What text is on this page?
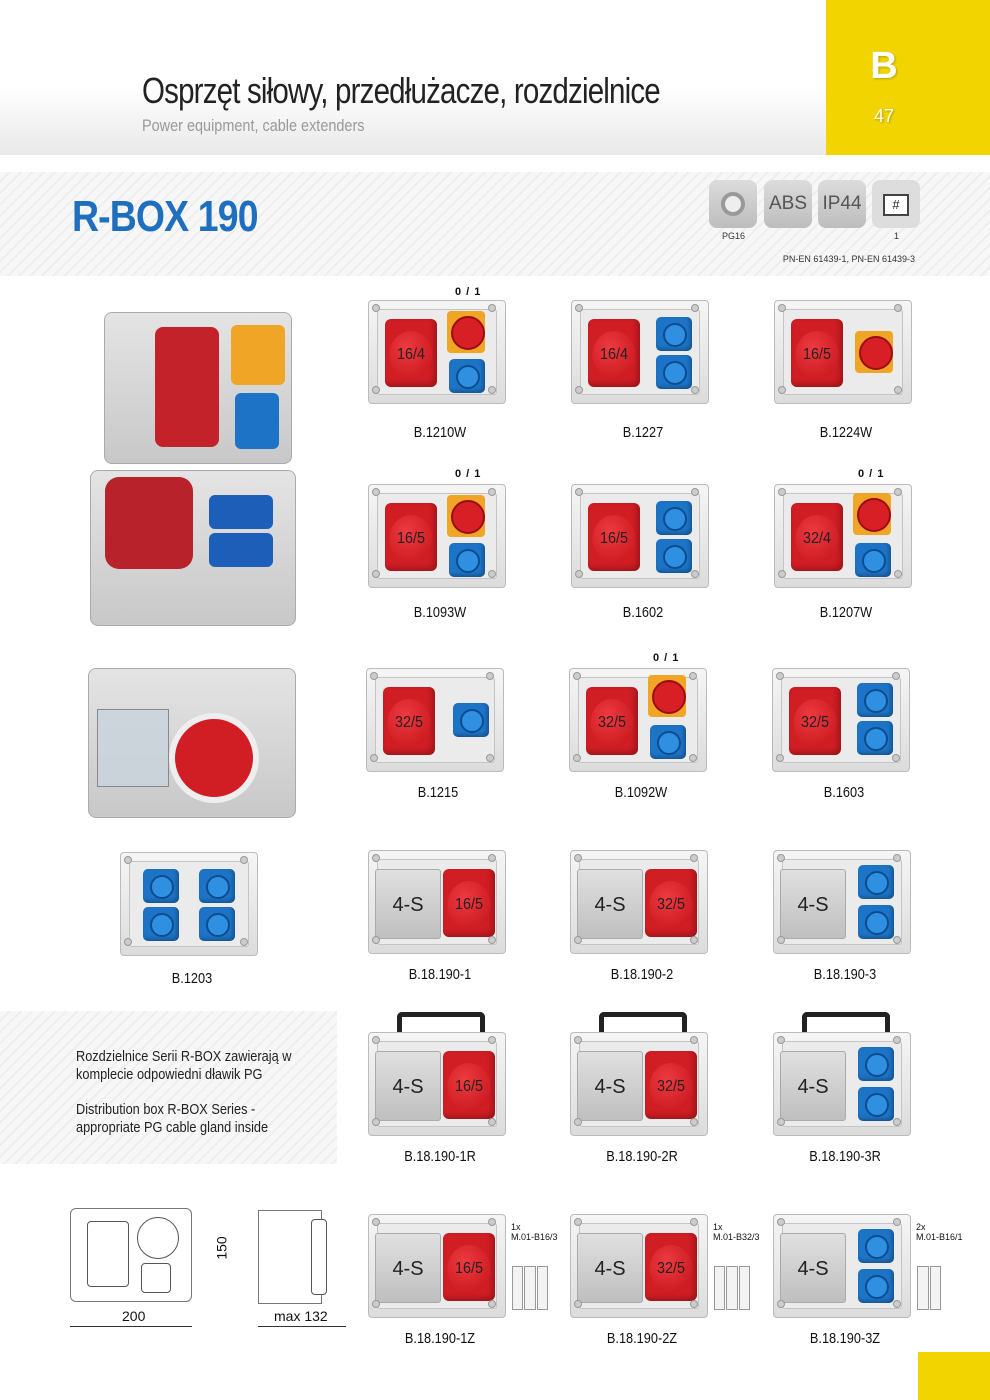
Osprzęt siłowy, przedłużacze, rozdzielnice
Power equipment, cable extenders
B
47
R-BOX 190	PG16
ABS IP44	#
1
PN-EN 61439-1, PN-EN 61439-3
0 / 1
16/4
B.1210W
16/4
B.1227
16/5
B.1224W
0 / 1
16/5
B.1093W
16/5
B.1602
0 / 1
32/4
B.1207W
32/5
B.1215
0 / 1
32/5
B.1092W
32/5
B.1603
B.1203
4-S	16/5
B.18.190-1
4-S	32/5
B.18.190-2
4-S
B.18.190-3

Rozdzielnice Serii R-BOX zawierają w komplecie odpowiedni dławik PG

Distribution box R-BOX Series - appropriate PG cable gland inside

4-S	16/5
B.18.190-1R
4-S	32/5
B.18.190-2R
4-S
B.18.190-3R
150
200	max 132
4-S	16/5
1x
M.01-B16/3
B.18.190-1Z
4-S	32/5
1x
M.01-B32/3
B.18.190-2Z
4-S
2x
M.01-B16/1
B.18.190-3Z
